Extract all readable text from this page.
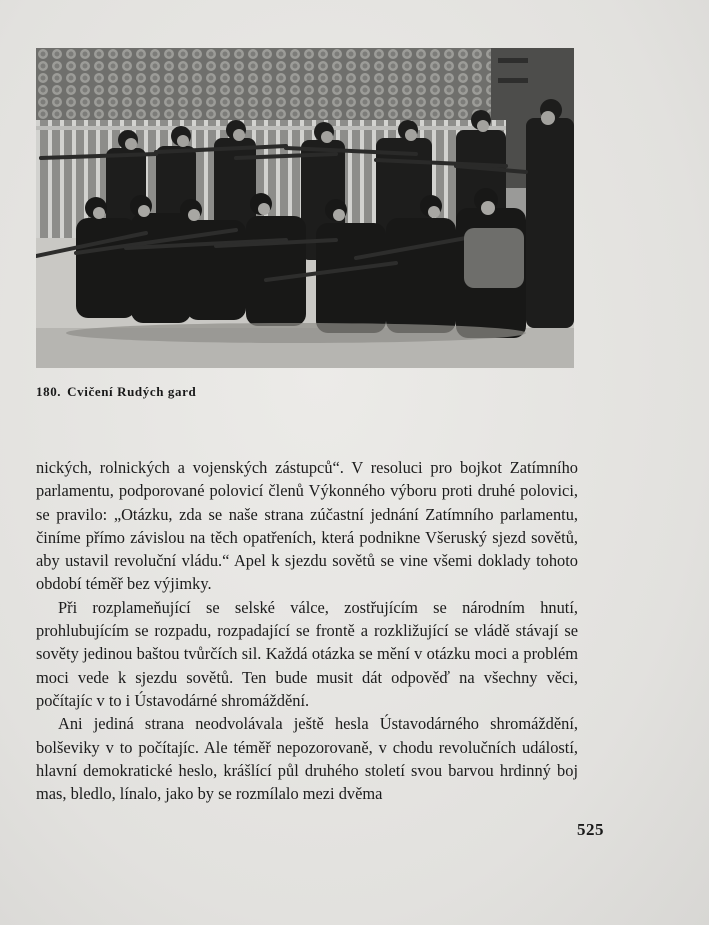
180. Cvičení Rudých gard

nických, rolnických a vojenských zástupců“. V resoluci pro bojkot Zatímního parlamentu, podporované polovicí členů Výkonného výboru proti druhé polovici, se pravilo: „Otázku, zda se naše strana zúčastní jednání Zatímního parlamentu, činíme přímo závislou na těch opatřeních, která podnikne Všeruský sjezd sovětů, aby ustavil revoluční vládu.“ Apel k sjezdu sovětů se vine všemi doklady tohoto období téměř bez výjimky.

Při rozplameňující se selské válce, zostřujícím se národním hnutí, prohlubujícím se rozpadu, rozpadající se frontě a rozkližující se vládě stávají se sověty jedinou baštou tvůrčích sil. Každá otázka se mění v otázku moci a problém moci vede k sjezdu sovětů. Ten bude musit dát odpověď na všechny věci, počítajíc v to i Ústavodárné shromáždění.

Ani jediná strana neodvolávala ještě hesla Ústavodárného shromáždění, bolševiky v to počítajíc. Ale téměř nepozorovaně, v chodu revolučních událostí, hlavní demokratické heslo, krášlící půl druhého století svou barvou hrdinný boj mas, bledlo, línalo, jako by se rozmílalo mezi dvěma

525
